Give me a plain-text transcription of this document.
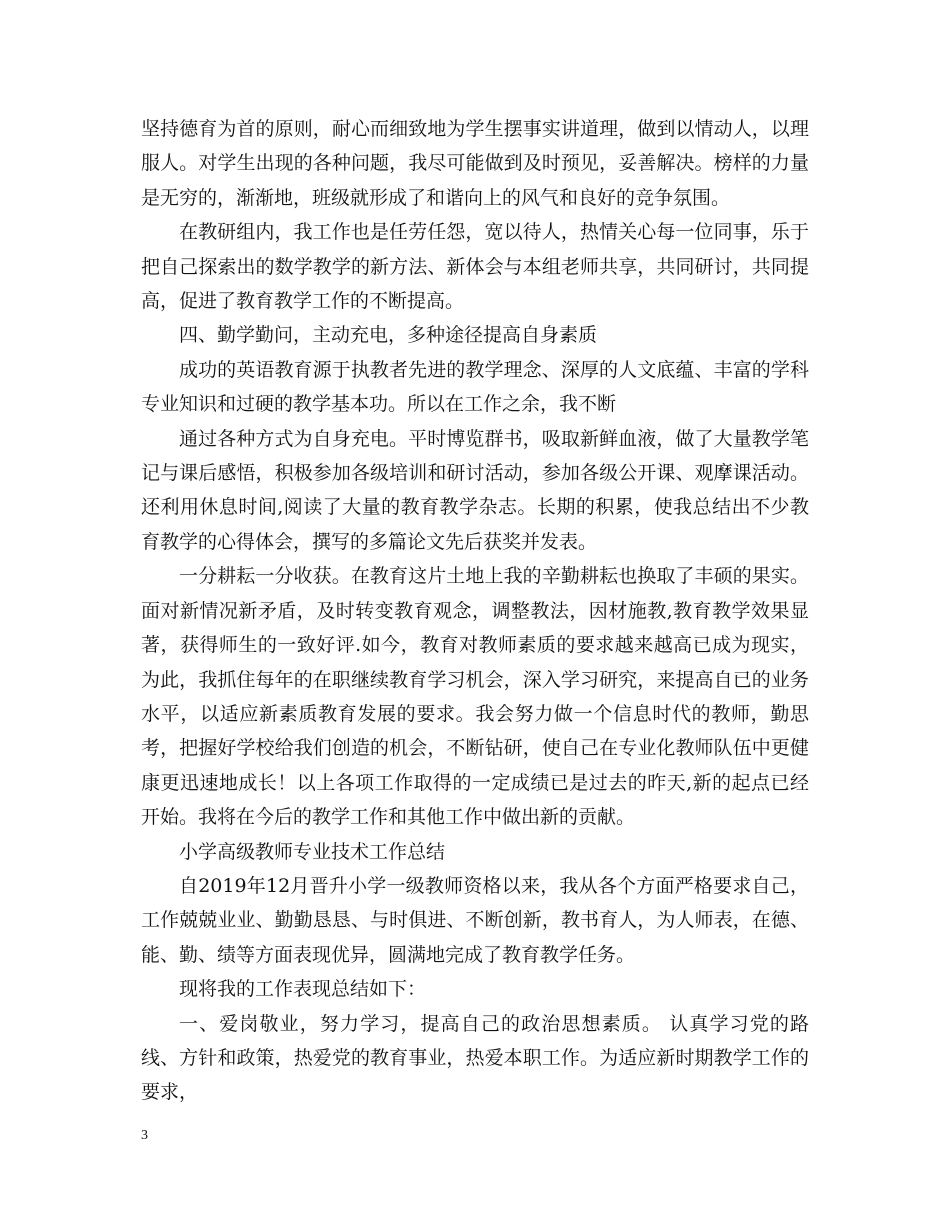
坚持德育为首的原则，耐心而细致地为学生摆事实讲道理，做到以情动人，以理服人。对学生出现的各种问题，我尽可能做到及时预见，妥善解决。榜样的力量是无穷的，渐渐地，班级就形成了和谐向上的风气和良好的竞争氛围。

在教研组内，我工作也是任劳任怨，宽以待人，热情关心每一位同事，乐于把自己探索出的数学教学的新方法、新体会与本组老师共享，共同研讨，共同提高，促进了教育教学工作的不断提高。

四、勤学勤问，主动充电，多种途径提高自身素质

成功的英语教育源于执教者先进的教学理念、深厚的人文底蕴、丰富的学科专业知识和过硬的教学基本功。所以在工作之余，我不断

通过各种方式为自身充电。平时博览群书，吸取新鲜血液，做了大量教学笔记与课后感悟，积极参加各级培训和研讨活动，参加各级公开课、观摩课活动。还利用休息时间,阅读了大量的教育教学杂志。长期的积累，使我总结出不少教育教学的心得体会，撰写的多篇论文先后获奖并发表。

一分耕耘一分收获。在教育这片土地上我的辛勤耕耘也换取了丰硕的果实。面对新情况新矛盾，及时转变教育观念，调整教法，因材施教,教育教学效果显著，获得师生的一致好评.如今，教育对教师素质的要求越来越高已成为现实，为此，我抓住每年的在职继续教育学习机会，深入学习研究，来提高自已的业务水平，以适应新素质教育发展的要求。我会努力做一个信息时代的教师，勤思考，把握好学校给我们创造的机会，不断钻研，使自己在专业化教师队伍中更健康更迅速地成长！以上各项工作取得的一定成绩已是过去的昨天,新的起点已经开始。我将在今后的教学工作和其他工作中做出新的贡献。

小学高级教师专业技术工作总结

自2019年12月晋升小学一级教师资格以来，我从各个方面严格要求自己，工作兢兢业业、勤勤恳恳、与时俱进、不断创新，教书育人，为人师表，在德、能、勤、绩等方面表现优异，圆满地完成了教育教学任务。

现将我的工作表现总结如下：

一、爱岗敬业，努力学习，提高自己的政治思想素质。 认真学习党的路线、方针和政策，热爱党的教育事业，热爱本职工作。为适应新时期教学工作的要求，

3
